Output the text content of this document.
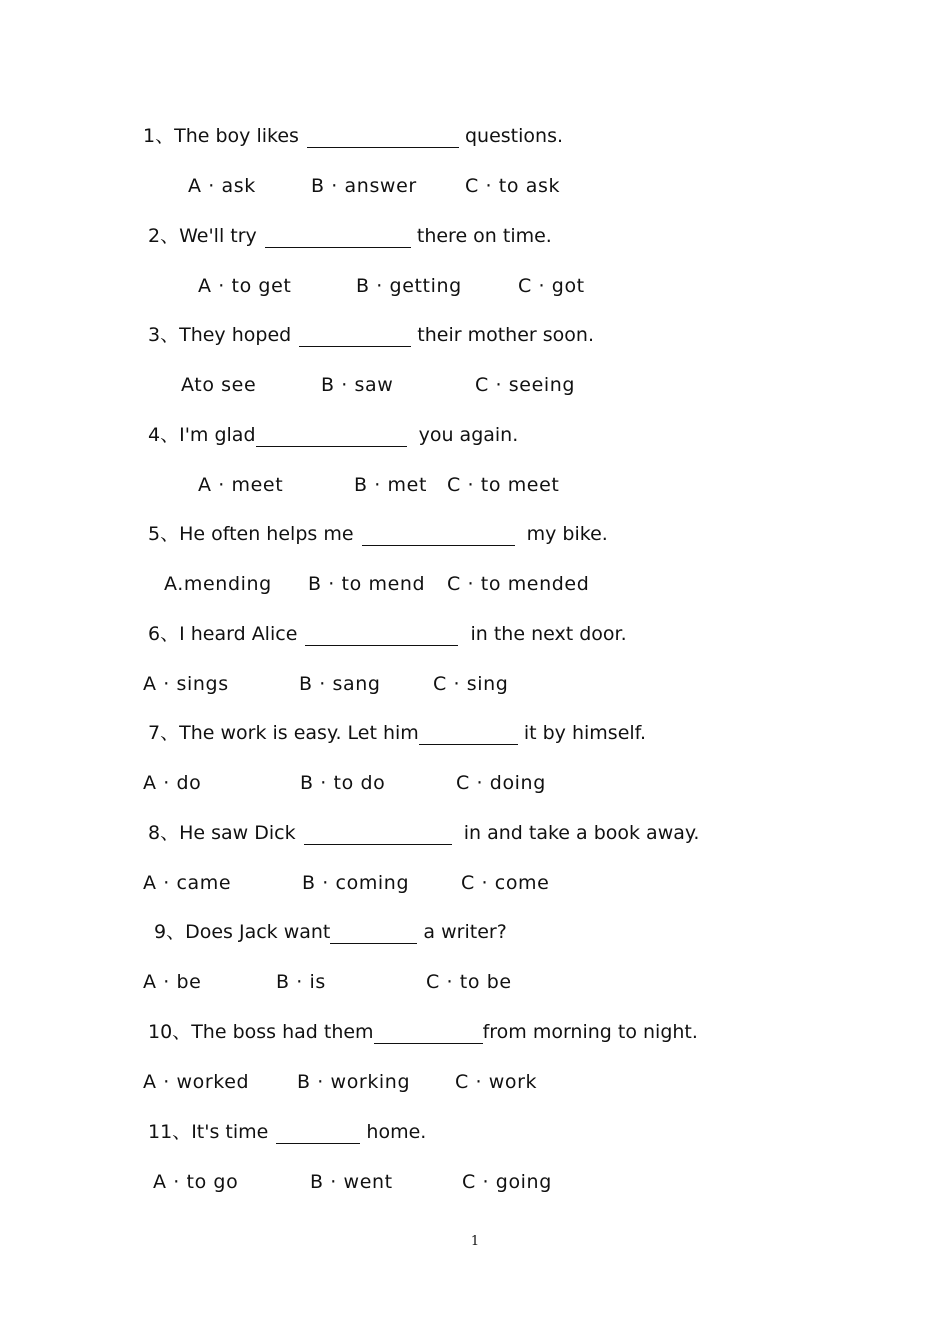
1、 The boy likes	questions.
A · ask	B · answer	C · to ask
2、 We'll try	there on time.
A · to get	B · getting	C · got
3、 They hoped	their mother soon.
Ato see	B · saw	C · seeing
4、 I'm glad	you again.
A · meet	B · met C · to meet
5、 He often helps me	my bike.
A.mending B · to mend C · to mended
6、 I heard Alice	in the next door.
A · sings	B · sang	C · sing
7、 The work is easy. Let him	it by himself.
A · do	B · to do	C · doing
8、 He saw Dick	in and take a book away.
A · came	B · coming	C · come
9、 Does Jack want	a writer?
A · be	B · is	C · to be
10、 The boss had them	from morning to night.
A · worked	B · working C · work
11、 It's time	home.
A · to go	B · went	C · going
1
